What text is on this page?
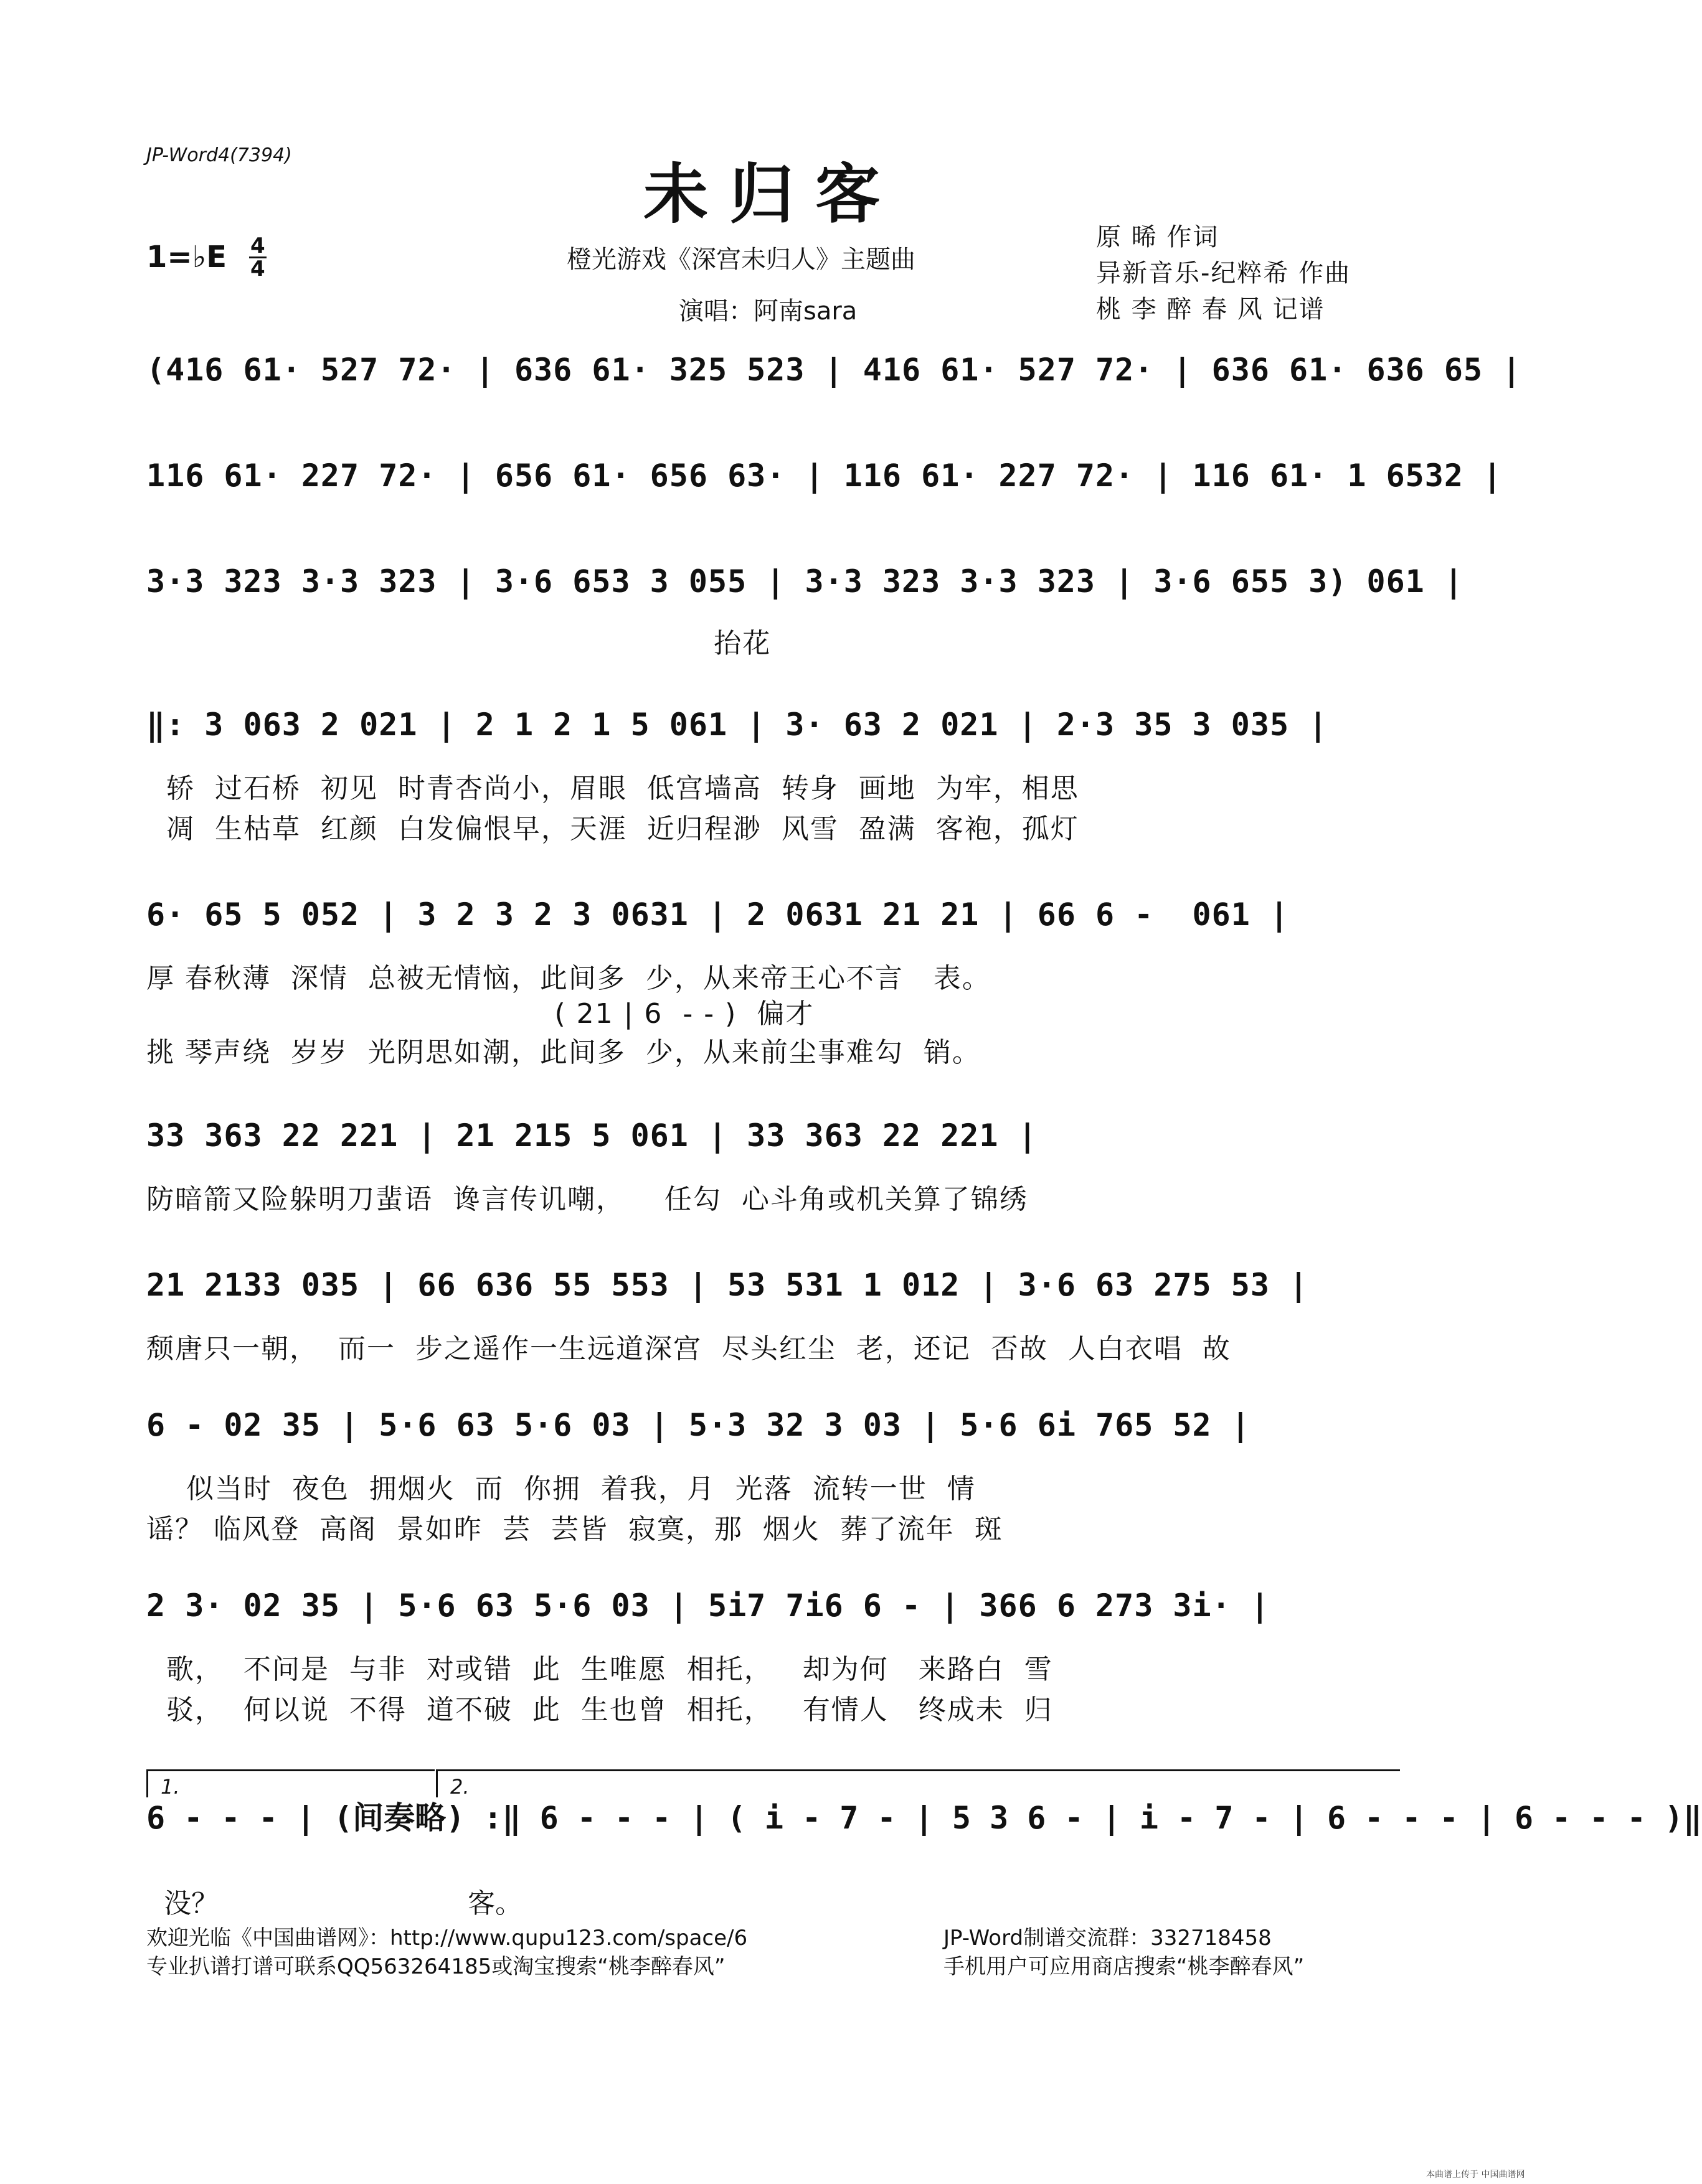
JP-Word4(7394)
未归客
1=♭E $\frac{4}{4}$	橙光游戏《深宫未归人》主题曲
演唱：阿南sara
原 晞 作词
异新音乐-纪粹希 作曲
桃 李 醉 春 风 记谱
(416 61· 527 72· | 636 61· 325 523 | 416 61· 527 72· | 636 61· 636 65 |
116 61· 227 72· | 656 61· 656 63· | 116 61· 227 72· | 116 61· 1 6532 |
3·3 323 3·3 323 | 3·6 653 3 055 | 3·3 323 3·3 323 | 3·6 655 3) 061 |
抬花
‖: 3 063 2 021 | 2 1 2 1 5 061 | 3· 63 2 021 | 2·3 35 3 035 |
轿  过石桥  初见  时青杏尚小，眉眼  低宫墙高  转身  画地  为牢，相思
凋  生枯草  红颜  白发偏恨早，天涯  近归程渺  风雪  盈满  客袍，孤灯
6· 65 5 052 | 3 2 3 2 3 0631 | 2 0631 21 21 | 66 6 -  061 |
厚 春秋薄  深情  总被无情恼，此间多  少，从来帝王心不言   表。
( 21 | 6  - - )  偏才
挑 琴声绕  岁岁  光阴思如潮，此间多  少，从来前尘事难勾  销。
33 363 22 221 | 21 215 5 061 | 33 363 22 221 |
防暗箭又险躲明刀蜚语  谗言传讥嘲，    任勾  心斗角或机关算了锦绣
21 2133 035 | 66 636 55 553 | 53 531 1 012 | 3·6 63 275 53 |
颓唐只一朝，  而一  步之遥作一生远道深宫  尽头红尘  老，还记  否故  人白衣唱  故
6 - 02 35 | 5·6 63 5·6 03 | 5·3 32 3 03 | 5·6 6i 765 52 |
似当时  夜色  拥烟火  而  你拥  着我，月  光落  流转一世  情
谣？ 临风登  高阁  景如昨  芸  芸皆  寂寞，那  烟火  葬了流年  斑
2 3· 02 35 | 5·6 63 5·6 03 | 5i7 7i6 6 - | 366 6 273 3i· |
歌，  不问是  与非  对或错  此  生唯愿  相托，   却为何   来路白  雪
驳，  何以说  不得  道不破  此  生也曾  相托，   有情人   终成未  归
1.	2.
6 - - - | (间奏略) :‖ 6 - - - | ( i - 7 - | 5 3 6 - | i - 7 - | 6 - - - | 6 - - - )‖

没？	客。

欢迎光临《中国曲谱网》：http://www.qupu123.com/space/6
专业扒谱打谱可联系QQ563264185或淘宝搜索“桃李醉春风”
JP-Word制谱交流群：332718458
手机用户可应用商店搜索“桃李醉春风”
本曲谱上传于 中国曲谱网
